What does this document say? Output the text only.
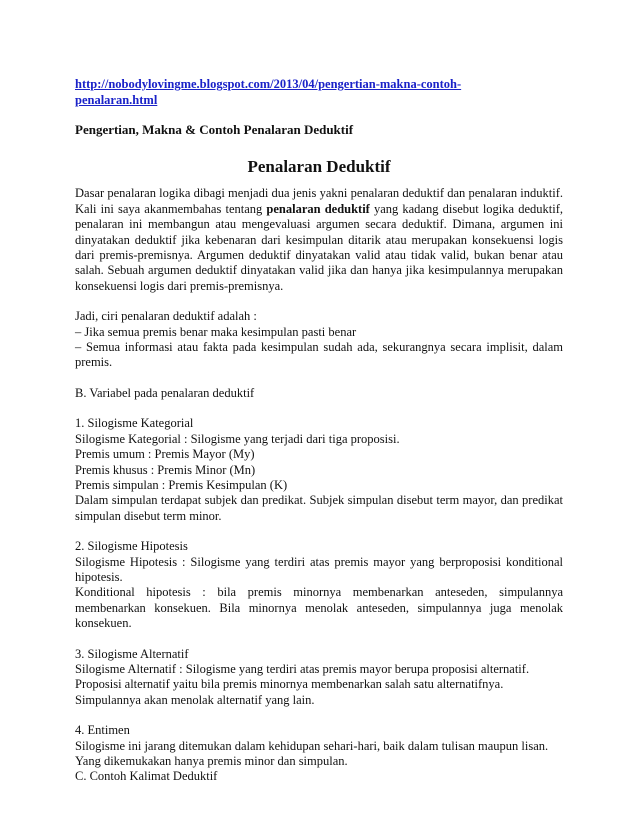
http://nobodylovingme.blogspot.com/2013/04/pengertian-makna-contoh-
penalaran.html
Pengertian, Makna & Contoh Penalaran Deduktif
Penalaran Deduktif

Dasar penalaran logika dibagi menjadi dua jenis yakni penalaran deduktif dan penalaran induktif. Kali ini saya akanmembahas tentang penalaran deduktif yang kadang disebut logika deduktif, penalaran ini membangun atau mengevaluasi argumen secara deduktif. Dimana, argumen ini dinyatakan deduktif jika kebenaran dari kesimpulan ditarik atau merupakan konsekuensi logis dari premis-premisnya. Argumen deduktif dinyatakan valid atau tidak valid, bukan benar atau salah. Sebuah argumen deduktif dinyatakan valid jika dan hanya jika kesimpulannya merupakan konsekuensi logis dari premis-premisnya.

Jadi, ciri penalaran deduktif adalah :
– Jika semua premis benar maka kesimpulan pasti benar
– Semua informasi atau fakta pada kesimpulan sudah ada, sekurangnya secara implisit, dalam premis.
B. Variabel pada penalaran deduktif
1. Silogisme Kategorial
Silogisme Kategorial : Silogisme yang terjadi dari tiga proposisi.
Premis umum : Premis Mayor (My)
Premis khusus : Premis Minor (Mn)
Premis simpulan : Premis Kesimpulan (K)
Dalam simpulan terdapat subjek dan predikat. Subjek simpulan disebut term mayor, dan predikat simpulan disebut term minor.
2. Silogisme Hipotesis
Silogisme Hipotesis : Silogisme yang terdiri atas premis mayor yang berproposisi konditional hipotesis.
Konditional hipotesis : bila premis minornya membenarkan anteseden, simpulannya membenarkan konsekuen. Bila minornya menolak anteseden, simpulannya juga menolak konsekuen.
3. Silogisme Alternatif
Silogisme Alternatif : Silogisme yang terdiri atas premis mayor berupa proposisi alternatif.
Proposisi alternatif yaitu bila premis minornya membenarkan salah satu alternatifnya.
Simpulannya akan menolak alternatif yang lain.
4. Entimen
Silogisme ini jarang ditemukan dalam kehidupan sehari-hari, baik dalam tulisan maupun lisan.
Yang dikemukakan hanya premis minor dan simpulan.
C. Contoh Kalimat Deduktif
